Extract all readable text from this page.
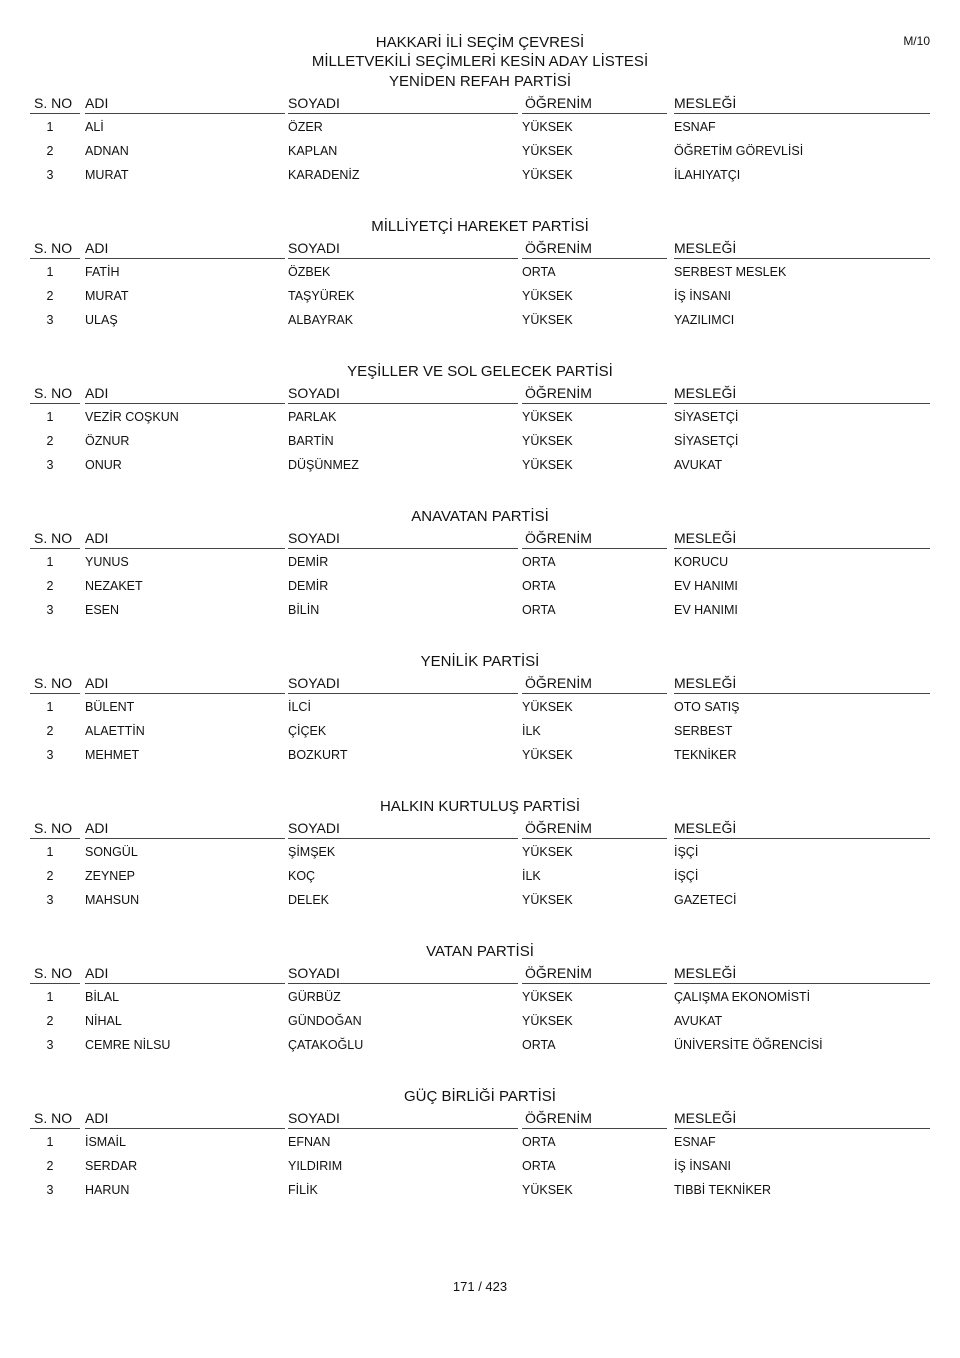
M/10
HAKKARİ İLİ SEÇİM ÇEVRESİ
MİLLETVEKİLİ SEÇİMLERİ KESİN ADAY LİSTESİ
YENİDEN REFAH PARTİSİ
S. NO ADI	SOYADI	ÖĞRENİM	MESLEĞİ
1	ALİ	ÖZER	YÜKSEK	ESNAF
2	ADNAN	KAPLAN	YÜKSEK	ÖĞRETİM GÖREVLİSİ
3	MURAT	KARADENİZ	YÜKSEK	İLAHIYATÇI
MİLLİYETÇİ HAREKET PARTİSİ
S. NO ADI	SOYADI	ÖĞRENİM	MESLEĞİ
1	FATİH	ÖZBEK	ORTA	SERBEST MESLEK
2	MURAT	TAŞYÜREK	YÜKSEK	İŞ İNSANI
3	ULAŞ	ALBAYRAK	YÜKSEK	YAZILIMCI
YEŞİLLER VE SOL GELECEK PARTİSİ
S. NO ADI	SOYADI	ÖĞRENİM	MESLEĞİ
1	VEZİR COŞKUN	PARLAK	YÜKSEK	SİYASETÇİ
2	ÖZNUR	BARTİN	YÜKSEK	SİYASETÇİ
3	ONUR	DÜŞÜNMEZ	YÜKSEK	AVUKAT
ANAVATAN PARTİSİ
S. NO ADI	SOYADI	ÖĞRENİM	MESLEĞİ
1	YUNUS	DEMİR	ORTA	KORUCU
2	NEZAKET	DEMİR	ORTA	EV HANIMI
3	ESEN	BİLİN	ORTA	EV HANIMI
YENİLİK PARTİSİ
S. NO ADI	SOYADI	ÖĞRENİM	MESLEĞİ
1	BÜLENT	İLCİ	YÜKSEK	OTO SATIŞ
2	ALAETTİN	ÇİÇEK	İLK	SERBEST
3	MEHMET	BOZKURT	YÜKSEK	TEKNİKER
HALKIN KURTULUŞ PARTİSİ
S. NO ADI	SOYADI	ÖĞRENİM	MESLEĞİ
1	SONGÜL	ŞİMŞEK	YÜKSEK	İŞÇİ
2	ZEYNEP	KOÇ	İLK	İŞÇİ
3	MAHSUN	DELEK	YÜKSEK	GAZETECİ
VATAN PARTİSİ
S. NO ADI	SOYADI	ÖĞRENİM	MESLEĞİ
1	BİLAL	GÜRBÜZ	YÜKSEK	ÇALIŞMA EKONOMİSTİ
2	NİHAL	GÜNDOĞAN	YÜKSEK	AVUKAT
3	CEMRE NİLSU	ÇATAKOĞLU	ORTA	ÜNİVERSİTE ÖĞRENCİSİ
GÜÇ BİRLİĞİ PARTİSİ
S. NO ADI	SOYADI	ÖĞRENİM	MESLEĞİ
1	İSMAİL	EFNAN	ORTA	ESNAF
2	SERDAR	YILDIRIM	ORTA	İŞ İNSANI
3	HARUN	FİLİK	YÜKSEK	TIBBİ TEKNİKER
171 / 423
